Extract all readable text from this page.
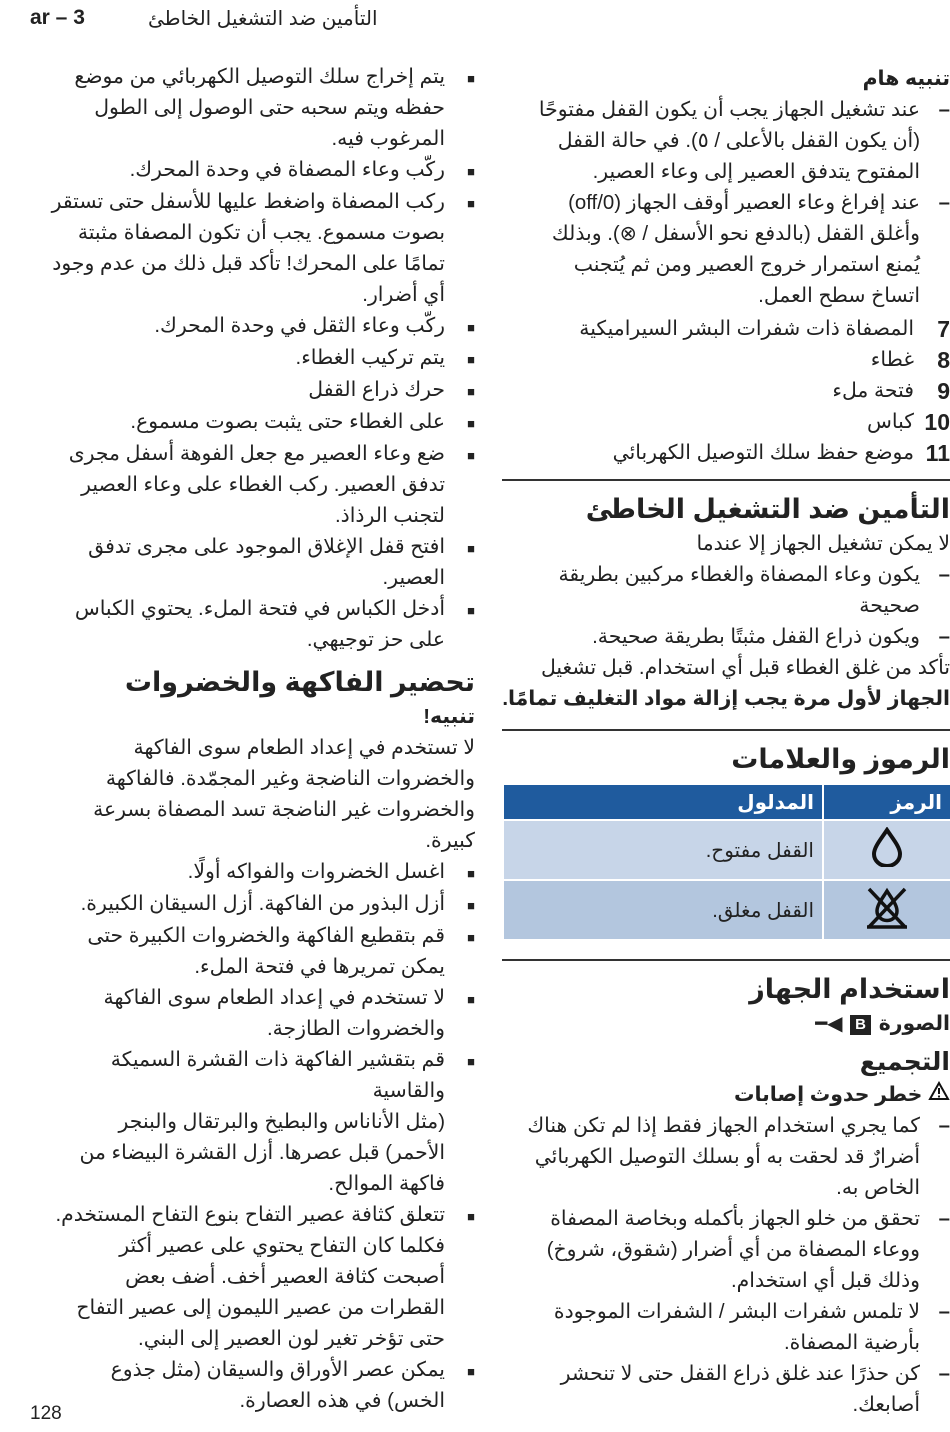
ar – 3	التأمين ضد التشغيل الخاطئ
تنبيه هام
–
عند تشغيل الجهاز يجب أن يكون القفل مفتوحًا
(أن يكون القفل بالأعلى / ٥). في حالة القفل
المفتوح يتدفق العصير إلى وعاء العصير.
–
عند إفراغ وعاء العصير أوقف الجهاز (0/off)
وأغلق القفل (بالدفع نحو الأسفل / ⊗). وبذلك
يُمنع استمرار خروج العصير ومن ثم يُتجنب
اتساخ سطح العمل.
7
المصفاة ذات شفرات البشر السيراميكية
8
غطاء
9
فتحة ملء
10
كباس
11
موضع حفظ سلك التوصيل الكهربائي
التأمين ضد التشغيل الخاطئ
لا يمكن تشغيل الجهاز إلا عندما
–
يكون وعاء المصفاة والغطاء مركبين بطريقة
صحيحة
–
ويكون ذراع القفل مثبتًا بطريقة صحيحة.
تأكد من غلق الغطاء قبل أي استخدام. قبل تشغيل
الجهاز لأول مرة يجب إزالة مواد التغليف تمامًا.
الرموز والعلامات
الرمز	المدلول
	القفل مفتوح.
	القفل مغلق.
استخدام الجهاز
الصورة B ◀━
التجميع
خطر حدوث إصابات
–
كما يجري استخدام الجهاز فقط إذا لم تكن هناك
أضرارٌ قد لحقت به أو بسلك التوصيل الكهربائي
الخاص به.
–
تحقق من خلو الجهاز بأكمله وبخاصة المصفاة
ووعاء المصفاة من أي أضرار (شقوق، شروخ)
وذلك قبل أي استخدام.
–
لا تلمس شفرات البشر / الشفرات الموجودة
بأرضية المصفاة.
–
كن حذرًا عند غلق ذراع القفل حتى لا تنحشر
أصابعك.
■
يتم إخراج سلك التوصيل الكهربائي من موضع
حفظه ويتم سحبه حتى الوصول إلى الطول
المرغوب فيه.
■
ركّب وعاء المصفاة في وحدة المحرك.
■
ركب المصفاة واضغط عليها للأسفل حتى تستقر
بصوت مسموع. يجب أن تكون المصفاة مثبتة
تمامًا على المحرك! تأكد قبل ذلك من عدم وجود
أي أضرار.
■
ركّب وعاء الثقل في وحدة المحرك.
■
يتم تركيب الغطاء.
■
حرك ذراع القفل
■
على الغطاء حتى يثبت بصوت مسموع.
■
ضع وعاء العصير مع جعل الفوهة أسفل مجرى
تدفق العصير. ركب الغطاء على وعاء العصير
لتجنب الرذاذ.
■
افتح قفل الإغلاق الموجود على مجرى تدفق
العصير.
■
أدخل الكباس في فتحة الملء. يحتوي الكباس
على حز توجيهي.
تحضير الفاكهة والخضروات
تنبيه!
لا تستخدم في إعداد الطعام سوى الفاكهة
والخضروات الناضجة وغير المجمّدة. فالفاكهة
والخضروات غير الناضجة تسد المصفاة بسرعة
كبيرة.
■
اغسل الخضروات والفواكه أولًا.
■
أزل البذور من الفاكهة. أزل السيقان الكبيرة.
■
قم بتقطيع الفاكهة والخضروات الكبيرة حتى
يمكن تمريرها في فتحة الملء.
■
لا تستخدم في إعداد الطعام سوى الفاكهة
والخضروات الطازجة.
■
قم بتقشير الفاكهة ذات القشرة السميكة والقاسية
(مثل الأناناس والبطيخ والبرتقال والبنجر
الأحمر) قبل عصرها. أزل القشرة البيضاء من
فاكهة الموالح.
■
تتعلق كثافة عصير التفاح بنوع التفاح المستخدم.
فكلما كان التفاح يحتوي على عصير أكثر
أصبحت كثافة العصير أخف. أضف بعض
القطرات من عصير الليمون إلى عصير التفاح
حتى تؤخر تغير لون العصير إلى البني.
■
يمكن عصر الأوراق والسيقان (مثل جذوع
الخس) في هذه العصارة.
128
